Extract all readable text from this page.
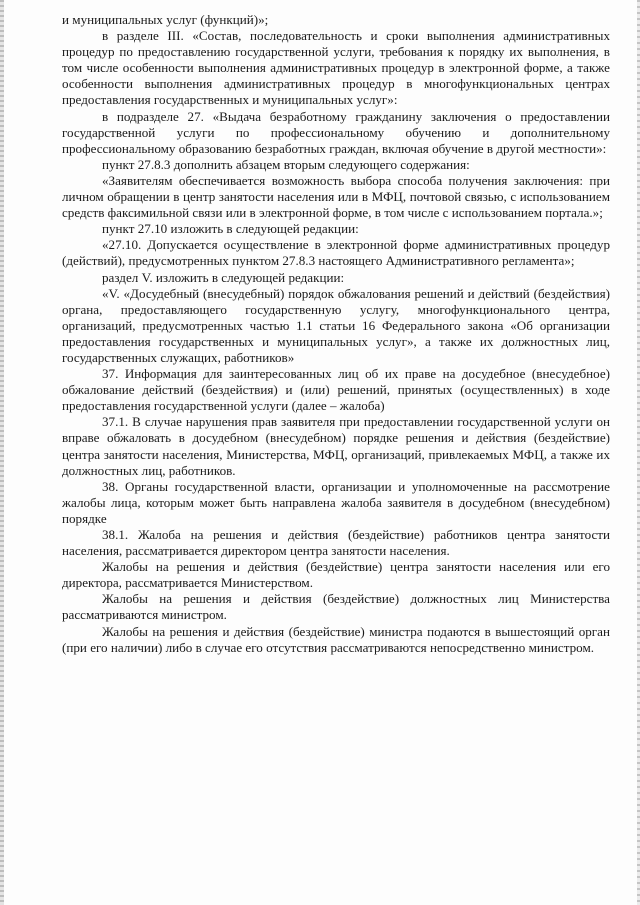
и муниципальных услуг (функций)»;

в разделе III. «Состав, последовательность и сроки выполнения административных процедур по предоставлению государственной услуги, требования к порядку их выполнения, в том числе особенности выполнения административных процедур в электронной форме, а также особенности выполнения административных процедур в многофункциональных центрах предоставления государственных и муниципальных услуг»:

в подразделе 27. «Выдача безработному гражданину заключения о предоставлении государственной услуги по профессиональному обучению и дополнительному профессиональному образованию безработных граждан, включая обучение в другой местности»:

пункт 27.8.3 дополнить абзацем вторым следующего содержания:

«Заявителям обеспечивается возможность выбора способа получения заключения: при личном обращении в центр занятости населения или в МФЦ, почтовой связью, с использованием средств факсимильной связи или в электронной форме, в том числе с использованием портала.»;

пункт 27.10 изложить в следующей редакции:

«27.10. Допускается осуществление в электронной форме административных процедур (действий), предусмотренных пунктом 27.8.3 настоящего Административного регламента»;

раздел V. изложить в следующей редакции:

«V. «Досудебный (внесудебный) порядок обжалования решений и действий (бездействия) органа, предоставляющего государственную услугу, многофункционального центра, организаций, предусмотренных частью 1.1 статьи 16 Федерального закона «Об организации предоставления государственных и муниципальных услуг», а также их должностных лиц, государственных служащих, работников»

37. Информация для заинтересованных лиц об их праве на досудебное (внесудебное) обжалование действий (бездействия) и (или) решений, принятых (осуществленных) в ходе предоставления государственной услуги (далее – жалоба)

37.1. В случае нарушения прав заявителя при предоставлении государственной услуги он вправе обжаловать в досудебном (внесудебном) порядке решения и действия (бездействие) центра занятости населения, Министерства, МФЦ, организаций, привлекаемых МФЦ, а также их должностных лиц, работников.

38. Органы государственной власти, организации и уполномоченные на рассмотрение жалобы лица, которым может быть направлена жалоба заявителя в досудебном (внесудебном) порядке

38.1. Жалоба на решения и действия (бездействие) работников центра занятости населения, рассматривается директором центра занятости населения.

Жалобы на решения и действия (бездействие) центра занятости населения или его директора, рассматривается Министерством.

Жалобы на решения и действия (бездействие) должностных лиц Министерства рассматриваются министром.

Жалобы на решения и действия (бездействие) министра подаются в вышестоящий орган (при его наличии) либо в случае его отсутствия рассматриваются непосредственно министром.
